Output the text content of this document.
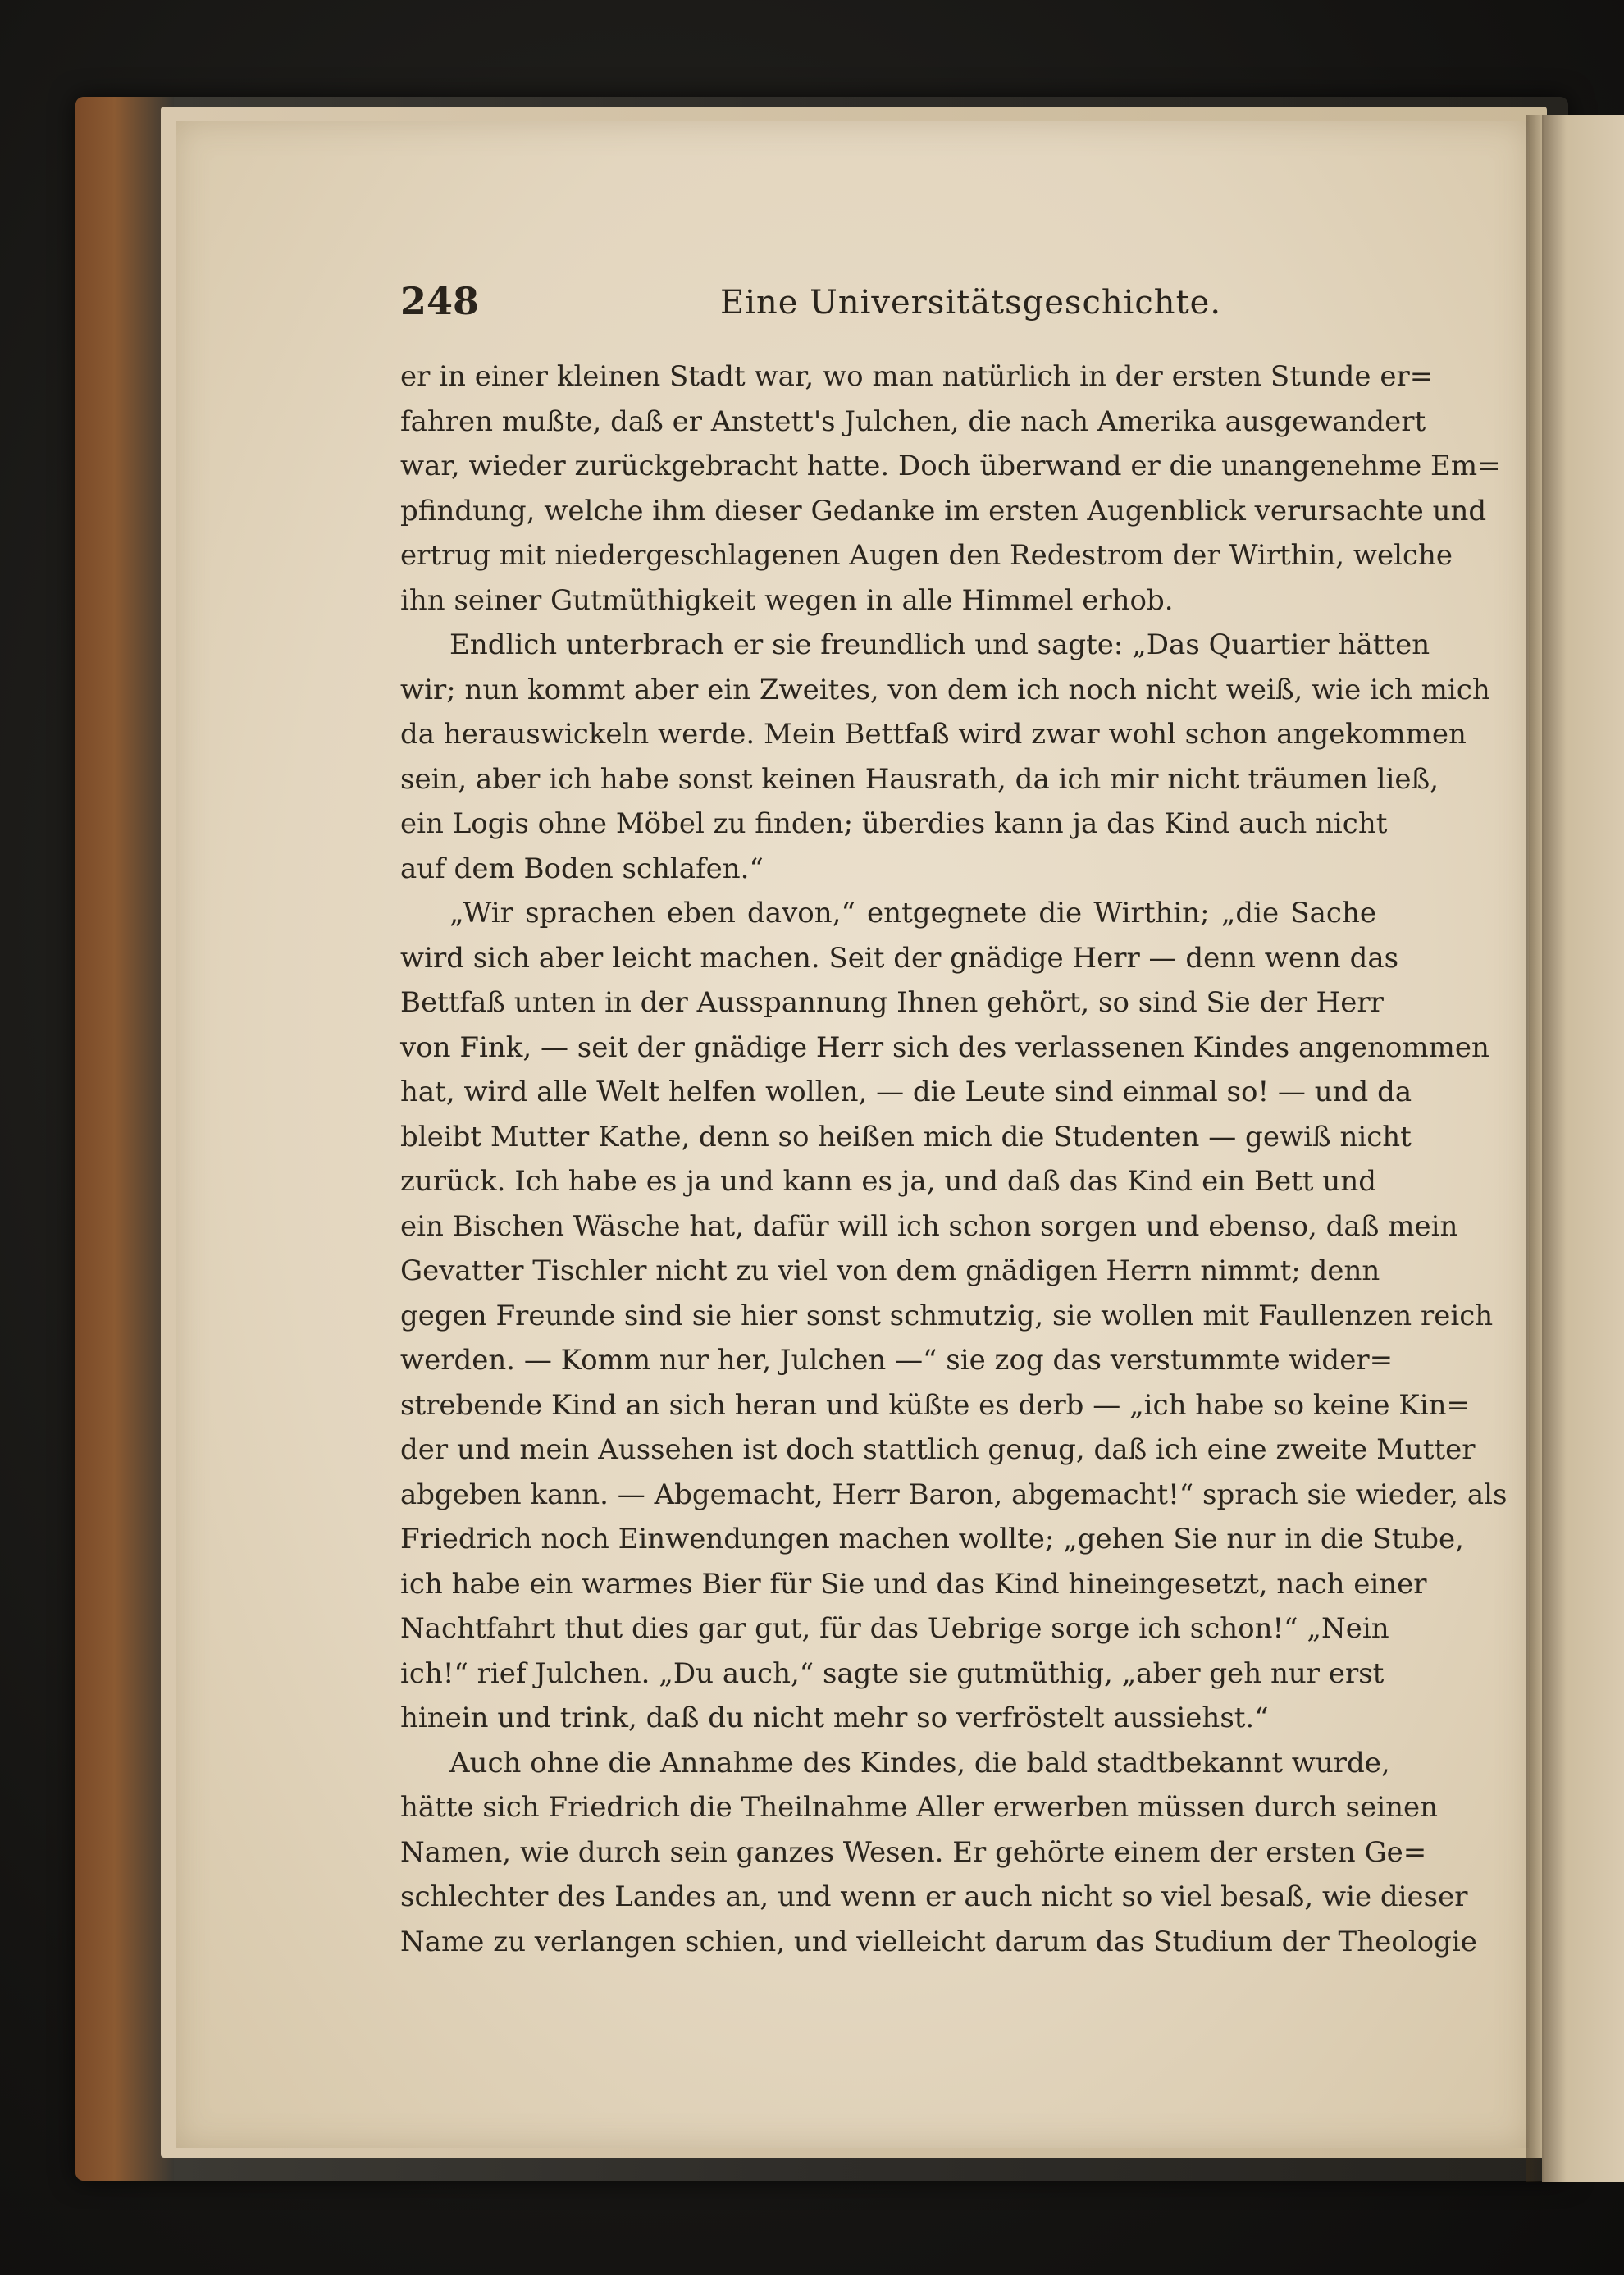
248	Eine Universitätsgeschichte.
er in einer kleinen Stadt war, wo man natürlich in der ersten Stunde er=
fahren mußte, daß er Anstett's Julchen, die nach Amerika ausgewandert
war, wieder zurückgebracht hatte. Doch überwand er die unangenehme Em=
pfindung, welche ihm dieser Gedanke im ersten Augenblick verursachte und
ertrug mit niedergeschlagenen Augen den Redestrom der Wirthin, welche
ihn seiner Gutmüthigkeit wegen in alle Himmel erhob.
Endlich unterbrach er sie freundlich und sagte: „Das Quartier hätten
wir; nun kommt aber ein Zweites, von dem ich noch nicht weiß, wie ich mich
da herauswickeln werde. Mein Bettfaß wird zwar wohl schon angekommen
sein, aber ich habe sonst keinen Hausrath, da ich mir nicht träumen ließ,
ein Logis ohne Möbel zu finden; überdies kann ja das Kind auch nicht
auf dem Boden schlafen.“
„Wir sprachen eben davon,“ entgegnete die Wirthin; „die Sache
wird sich aber leicht machen. Seit der gnädige Herr — denn wenn das
Bettfaß unten in der Ausspannung Ihnen gehört, so sind Sie der Herr
von Fink, — seit der gnädige Herr sich des verlassenen Kindes angenommen
hat, wird alle Welt helfen wollen, — die Leute sind einmal so! — und da
bleibt Mutter Kathe, denn so heißen mich die Studenten — gewiß nicht
zurück. Ich habe es ja und kann es ja, und daß das Kind ein Bett und
ein Bischen Wäsche hat, dafür will ich schon sorgen und ebenso, daß mein
Gevatter Tischler nicht zu viel von dem gnädigen Herrn nimmt; denn
gegen Freunde sind sie hier sonst schmutzig, sie wollen mit Faullenzen reich
werden. — Komm nur her, Julchen —“ sie zog das verstummte wider=
strebende Kind an sich heran und küßte es derb — „ich habe so keine Kin=
der und mein Aussehen ist doch stattlich genug, daß ich eine zweite Mutter
abgeben kann. — Abgemacht, Herr Baron, abgemacht!“ sprach sie wieder, als
Friedrich noch Einwendungen machen wollte; „gehen Sie nur in die Stube,
ich habe ein warmes Bier für Sie und das Kind hineingesetzt, nach einer
Nachtfahrt thut dies gar gut, für das Uebrige sorge ich schon!“ „Nein
ich!“ rief Julchen. „Du auch,“ sagte sie gutmüthig, „aber geh nur erst
hinein und trink, daß du nicht mehr so verfröstelt aussiehst.“
Auch ohne die Annahme des Kindes, die bald stadtbekannt wurde,
hätte sich Friedrich die Theilnahme Aller erwerben müssen durch seinen
Namen, wie durch sein ganzes Wesen. Er gehörte einem der ersten Ge=
schlechter des Landes an, und wenn er auch nicht so viel besaß, wie dieser
Name zu verlangen schien, und vielleicht darum das Studium der Theologie
